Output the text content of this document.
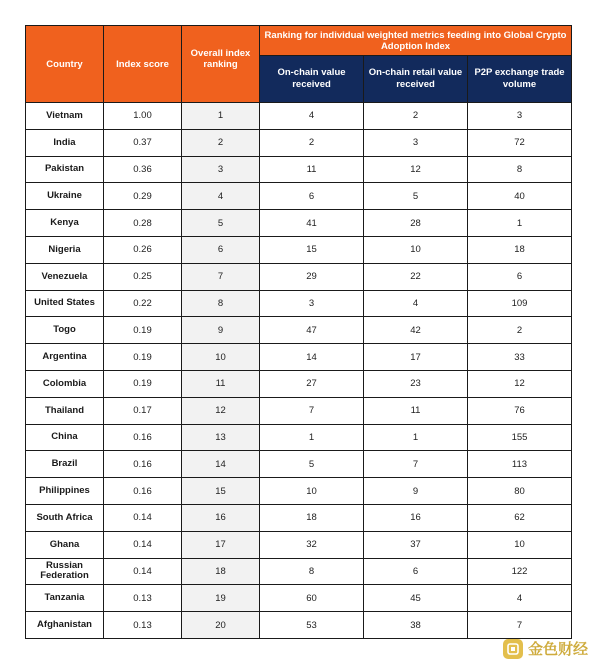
Country	Index score	Overall index ranking	Ranking for individual weighted metrics feeding into Global Crypto Adoption Index		
			On-chain value received	On-chain retail value received	P2P exchange trade volume
Vietnam	1.00	1	4	2	3
India	0.37	2	2	3	72
Pakistan	0.36	3	11	12	8
Ukraine	0.29	4	6	5	40
Kenya	0.28	5	41	28	1
Nigeria	0.26	6	15	10	18
Venezuela	0.25	7	29	22	6
United States	0.22	8	3	4	109
Togo	0.19	9	47	42	2
Argentina	0.19	10	14	17	33
Colombia	0.19	11	27	23	12
Thailand	0.17	12	7	11	76
China	0.16	13	1	1	155
Brazil	0.16	14	5	7	113
Philippines	0.16	15	10	9	80
South Africa	0.14	16	18	16	62
Ghana	0.14	17	32	37	10
Russian Federation	0.14	18	8	6	122
Tanzania	0.13	19	60	45	4
Afghanistan	0.13	20	53	38	7
金色财经
